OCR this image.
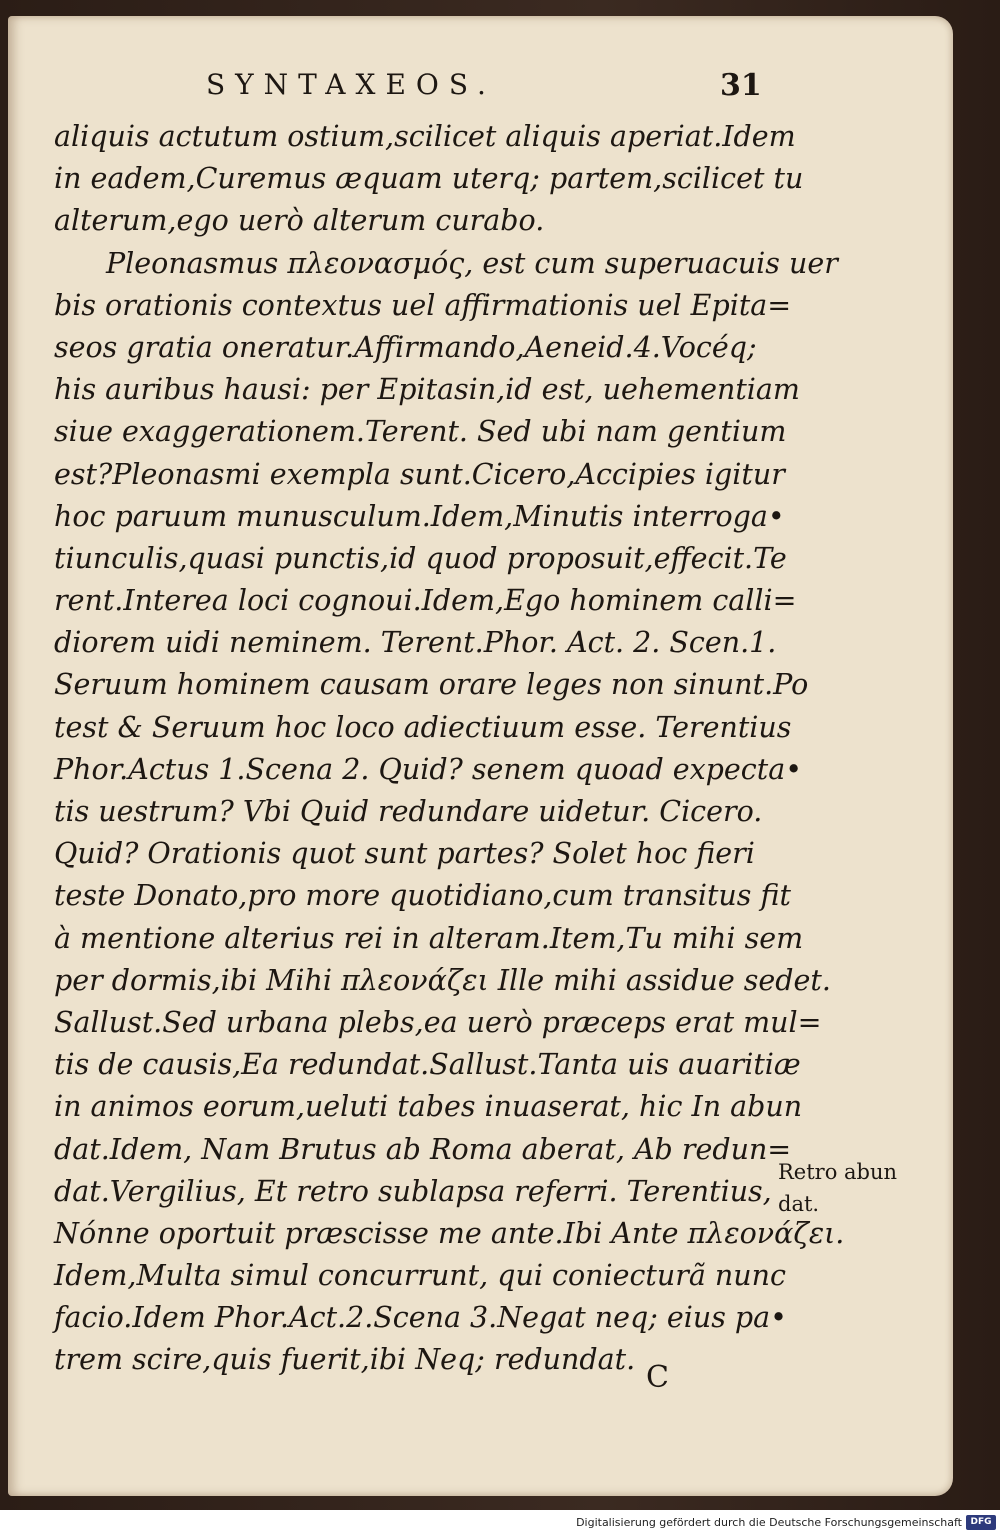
SYNTAXEOS.	31
aliquis actutum ostium,scilicet aliquis aperiat.Idem
in eadem,Curemus æquam uterq; partem,scilicet tu
alterum,ego uerò alterum curabo.
Pleonasmus πλεονασμός, est cum superuacuis uer
bis orationis contextus uel affirmationis uel Epita=
seos gratia oneratur.Affirmando,Aeneid.4.Vocéq;
his auribus hausi: per Epitasin,id est, uehementiam
siue exaggerationem.Terent. Sed ubi nam gentium
est?Pleonasmi exempla sunt.Cicero,Accipies igitur
hoc paruum munusculum.Idem,Minutis interroga•
tiunculis,quasi punctis,id quod proposuit,effecit.Te
rent.Interea loci cognoui.Idem,Ego hominem calli=
diorem uidi neminem. Terent.Phor. Act. 2. Scen.1.
Seruum hominem causam orare leges non sinunt.Po
test & Seruum hoc loco adiectiuum esse. Terentius
Phor.Actus 1.Scena 2. Quid? senem quoad expecta•
tis uestrum? Vbi Quid redundare uidetur. Cicero.
Quid? Orationis quot sunt partes? Solet hoc fieri
teste Donato,pro more quotidiano,cum transitus fit
à mentione alterius rei in alteram.Item,Tu mihi sem
per dormis,ibi Mihi πλεονάζει Ille mihi assidue sedet.
Sallust.Sed urbana plebs,ea uerò præceps erat mul=
tis de causis,Ea redundat.Sallust.Tanta uis auaritiæ
in animos eorum,ueluti tabes inuaserat, hic In abun
dat.Idem, Nam Brutus ab Roma aberat, Ab redun=
dat.Vergilius, Et retro sublapsa referri. Terentius,
Nónne oportuit præscisse me ante.Ibi Ante πλεονάζει.
Idem,Multa simul concurrunt, qui coniecturã nunc
facio.Idem Phor.Act.2.Scena 3.Negat neq; eius pa•
trem scire,quis fuerit,ibi Neq; redundat.
Retro abun
dat.
C
Digitalisierung gefördert durch die Deutsche Forschungsgemeinschaft DFG
